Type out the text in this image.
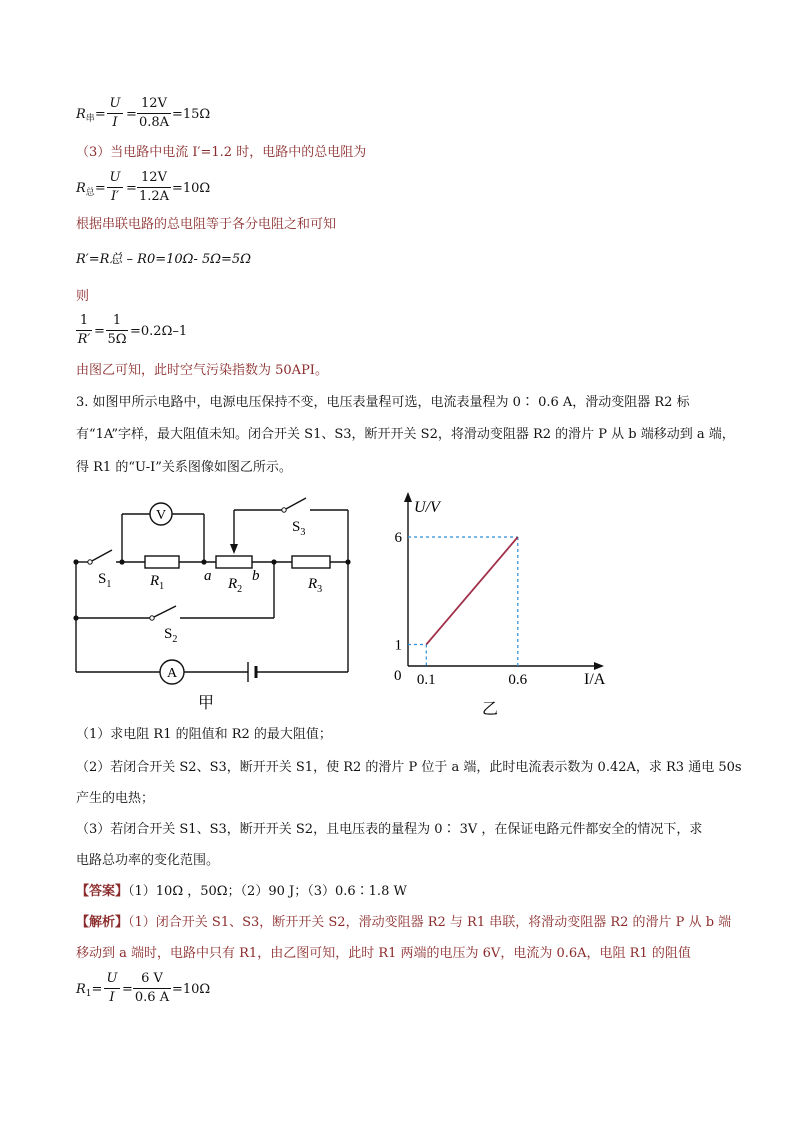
$R_串=$
U
I
=
12V
0.8A
=15Ω
（3）当电路中电流 I′=1.2 时，电路中的总电阻为
$R_总=$
U
I′
=
12V
1.2A
=10Ω
根据串联电路的总电阻等于各分电阻之和可知
R′=R总 – R0=10Ω- 5Ω=5Ω
则
1
R′
=
1
5Ω
=0.2Ω–1
由图乙可知，此时空气污染指数为 50API。
3. 如图甲所示电路中，电源电压保持不变，电压表量程可选，电流表量程为 0∶ 0.6 A，滑动变阻器 R2 标
有“1A”字样，最大阻值未知。闭合开关 S1、S3，断开开关 S2，将滑动变阻器 R2 的滑片 P 从 b 端移动到 a 端，
得 R1 的“U-I”关系图像如图乙所示。
V
A
$S_1$	$R_1$
a $R_2$
b	$R_3$
$S_3$
$S_2$
甲
U/V
I/A
0 0.1	0.6
1
6
乙
（1）求电阻 R1 的阻值和 R2 的最大阻值；
（2）若闭合开关 S2、S3，断开开关 S1，使 R2 的滑片 P 位于 a 端，此时电流表示数为 0.42A，求 R3 通电 50s
产生的电热；
（3）若闭合开关 S1、S3，断开开关 S2，且电压表的量程为 0∶ 3V ，在保证电路元件都安全的情况下，求
电路总功率的变化范围。
【答案】（1）10Ω ，50Ω；（2）90 J；（3）0.6∶1.8 W
【解析】（1）闭合开关 S1、S3，断开开关 S2，滑动变阻器 R2 与 R1 串联，将滑动变阻器 R2 的滑片 P 从 b 端
移动到 a 端时，电路中只有 R1，由乙图可知，此时 R1 两端的电压为 6V，电流为 0.6A，电阻 R1 的阻值
$R_1=$
U
I
=
6 V
0.6 A
=10Ω
